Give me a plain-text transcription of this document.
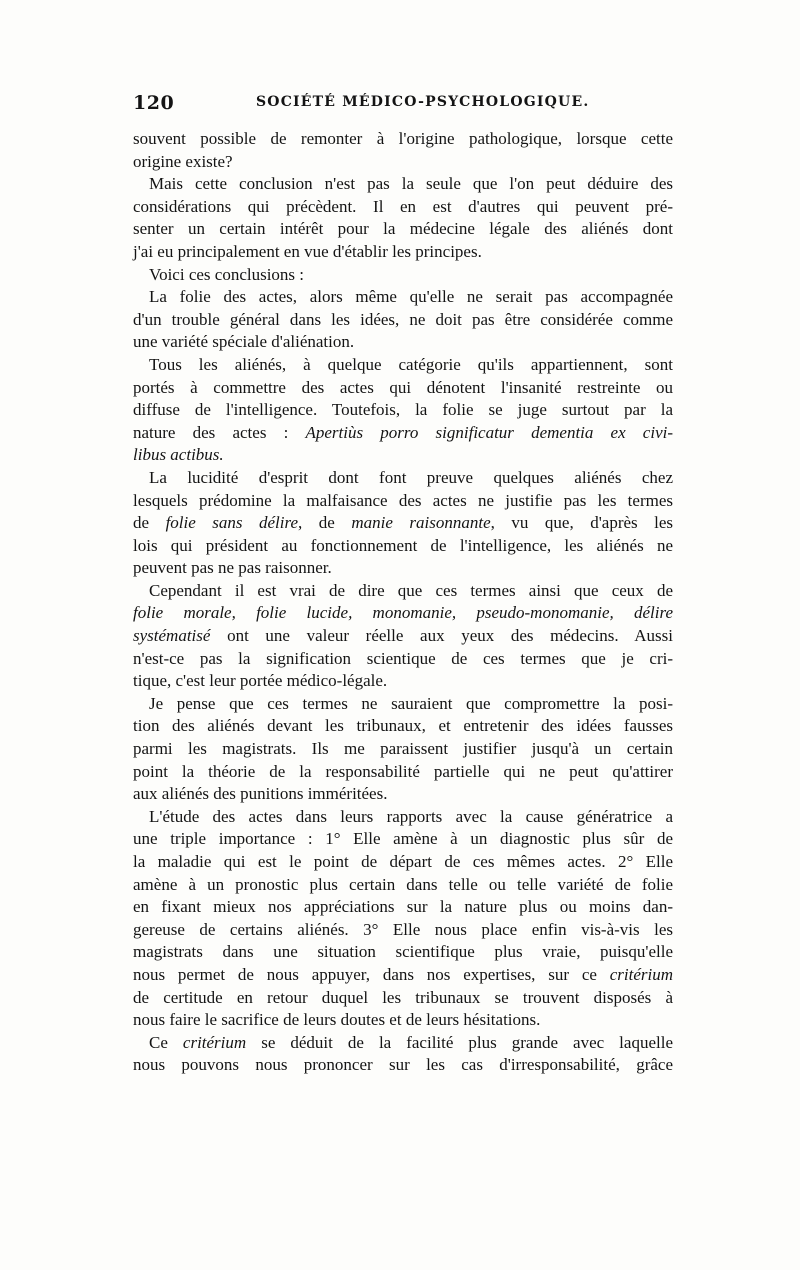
120	SOCIÉTÉ MÉDICO-PSYCHOLOGIQUE.
souvent possible de remonter à l'origine pathologique, lorsque cette
origine existe?
Mais cette conclusion n'est pas la seule que l'on peut déduire des
considérations qui précèdent. Il en est d'autres qui peuvent pré-
senter un certain intérêt pour la médecine légale des aliénés dont
j'ai eu principalement en vue d'établir les principes.
Voici ces conclusions :
La folie des actes, alors même qu'elle ne serait pas accompagnée
d'un trouble général dans les idées, ne doit pas être considérée comme
une variété spéciale d'aliénation.
Tous les aliénés, à quelque catégorie qu'ils appartiennent, sont
portés à commettre des actes qui dénotent l'insanité restreinte ou
diffuse de l'intelligence. Toutefois, la folie se juge surtout par la
nature des actes : Apertiùs porro significatur dementia ex civi-
libus actibus.
La lucidité d'esprit dont font preuve quelques aliénés chez
lesquels prédomine la malfaisance des actes ne justifie pas les termes
de folie sans délire, de manie raisonnante, vu que, d'après les
lois qui président au fonctionnement de l'intelligence, les aliénés ne
peuvent pas ne pas raisonner.
Cependant il est vrai de dire que ces termes ainsi que ceux de
folie morale, folie lucide, monomanie, pseudo-monomanie, délire
systématisé ont une valeur réelle aux yeux des médecins. Aussi
n'est-ce pas la signification scientique de ces termes que je cri-
tique, c'est leur portée médico-légale.
Je pense que ces termes ne sauraient que compromettre la posi-
tion des aliénés devant les tribunaux, et entretenir des idées fausses
parmi les magistrats. Ils me paraissent justifier jusqu'à un certain
point la théorie de la responsabilité partielle qui ne peut qu'attirer
aux aliénés des punitions imméritées.
L'étude des actes dans leurs rapports avec la cause génératrice a
une triple importance : 1° Elle amène à un diagnostic plus sûr de
la maladie qui est le point de départ de ces mêmes actes. 2° Elle
amène à un pronostic plus certain dans telle ou telle variété de folie
en fixant mieux nos appréciations sur la nature plus ou moins dan-
gereuse de certains aliénés. 3° Elle nous place enfin vis-à-vis les
magistrats dans une situation scientifique plus vraie, puisqu'elle
nous permet de nous appuyer, dans nos expertises, sur ce critérium
de certitude en retour duquel les tribunaux se trouvent disposés à
nous faire le sacrifice de leurs doutes et de leurs hésitations.
Ce critérium se déduit de la facilité plus grande avec laquelle
nous pouvons nous prononcer sur les cas d'irresponsabilité, grâce
